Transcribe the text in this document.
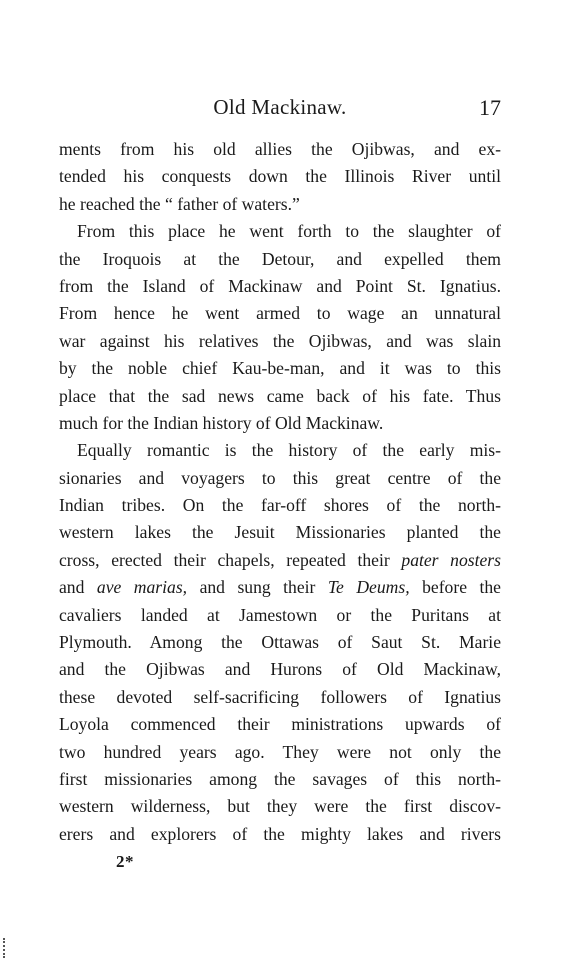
Old Mackinaw.	17
ments from his old allies the Ojibwas, and ex-
tended his conquests down the Illinois River until
he reached the “ father of waters.”
From this place he went forth to the slaughter of
the Iroquois at the Detour, and expelled them
from the Island of Mackinaw and Point St. Ignatius.
From hence he went armed to wage an unnatural
war against his relatives the Ojibwas, and was slain
by the noble chief Kau-be-man, and it was to this
place that the sad news came back of his fate. Thus
much for the Indian history of Old Mackinaw.
Equally romantic is the history of the early mis-
sionaries and voyagers to this great centre of the
Indian tribes. On the far-off shores of the north-
western lakes the Jesuit Missionaries planted the
cross, erected their chapels, repeated their pater nosters
and ave marias, and sung their Te Deums, before the
cavaliers landed at Jamestown or the Puritans at
Plymouth. Among the Ottawas of Saut St. Marie
and the Ojibwas and Hurons of Old Mackinaw,
these devoted self-sacrificing followers of Ignatius
Loyola commenced their ministrations upwards of
two hundred years ago. They were not only the
first missionaries among the savages of this north-
western wilderness, but they were the first discov-
erers and explorers of the mighty lakes and rivers
2*
